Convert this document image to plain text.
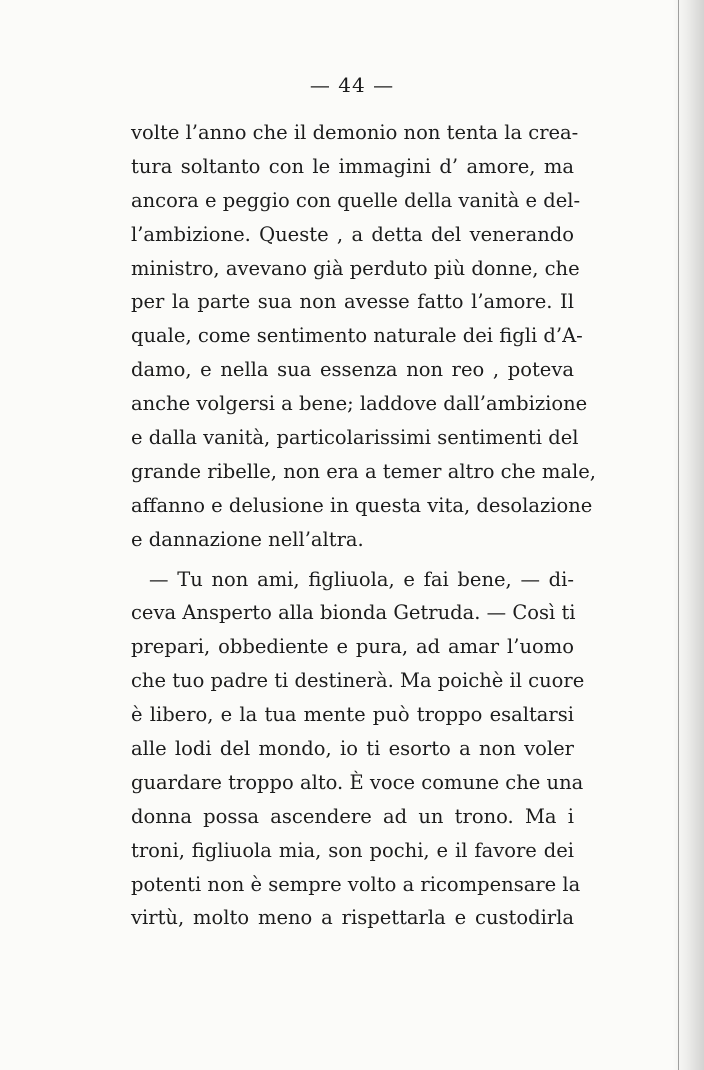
— 44 —

volte l’anno che il demonio non tenta la crea-
tura soltanto con le immagini d’ amore, ma
ancora e peggio con quelle della vanità e del-
l’ambizione. Queste , a detta del venerando
ministro, avevano già perduto più donne, che
per la parte sua non avesse fatto l’amore. Il
quale, come sentimento naturale dei figli d’A-
damo, e nella sua essenza non reo , poteva
anche volgersi a bene; laddove dall’ambizione
e dalla vanità, particolarissimi sentimenti del
grande ribelle, non era a temer altro che male,
affanno e delusione in questa vita, desolazione
e dannazione nell’altra.

— Tu non ami, figliuola, e fai bene, — di-
ceva Ansperto alla bionda Getruda. — Così ti
prepari, obbediente e pura, ad amar l’uomo
che tuo padre ti destinerà. Ma poichè il cuore
è libero, e la tua mente può troppo esaltarsi
alle lodi del mondo, io ti esorto a non voler
guardare troppo alto. È voce comune che una
donna possa ascendere ad un trono. Ma i
troni, figliuola mia, son pochi, e il favore dei
potenti non è sempre volto a ricompensare la
virtù, molto meno a rispettarla e custodirla
